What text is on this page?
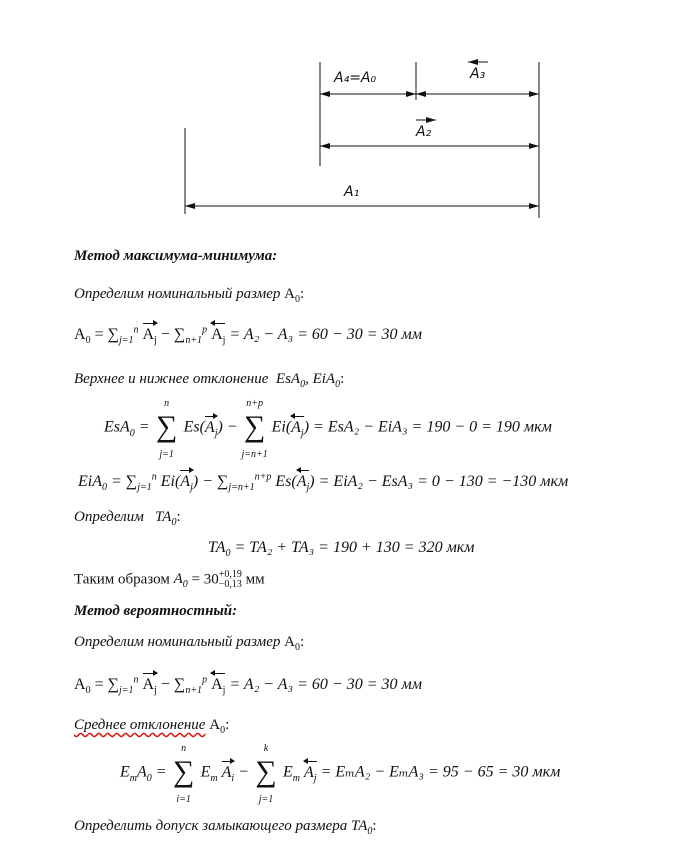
A₄=A₀	A₃
A₂
A₁
Метод максимума-минимума:
Определим номинальный размер $A_0$:
$A_0 = \sum_{j=1}^n$ $A_j - \sum_{n+1}^p$ $A_j = A_2 - A_3 = 60 - 30 = 30$ мм
Верхнее и нижнее отклонение EsA$_0$, EiA$_0$:
EsA$_0$ =
n
∑
j=1
$Es(A_j)$ −
n+p
∑
j=n+1
$Ei(A_j) = EsA_2 - EiA_3 = 190 - 0 = 190$ мкм
$EiA_0 = \sum_{j=1}^n$ $Ei(A_j) - \sum_{j=n+1}^{n+p}$ $Es(A_j) = EiA_2 - EsA_3 = 0 - 130 = -130$ мкм
Определим $TA_0$:
$TA_0 = TA_2 + TA_3 = 190 + 130 = 320$ мкм
Таким образом $A_0 = 30+0,19$
−0,13 мм
Метод вероятностный:
Определим номинальный размер $A_0$:
$A_0 = \sum_{j=1}^n$ $A_j - \sum_{n+1}^p$ $A_j = A_2 - A_3 = 60 - 30 = 30$ мм
Среднее отклонение $A_0$:
$E_mA_0$ =
n
∑
i=1
$E_m$ $A_i$ −
k
∑
j=1
$E_m$ $A_j = E_mA_2 - E_mA_3 = 95 - 65 = 30$ мкм
Определить допуск замыкающего размера $TA_0$:
